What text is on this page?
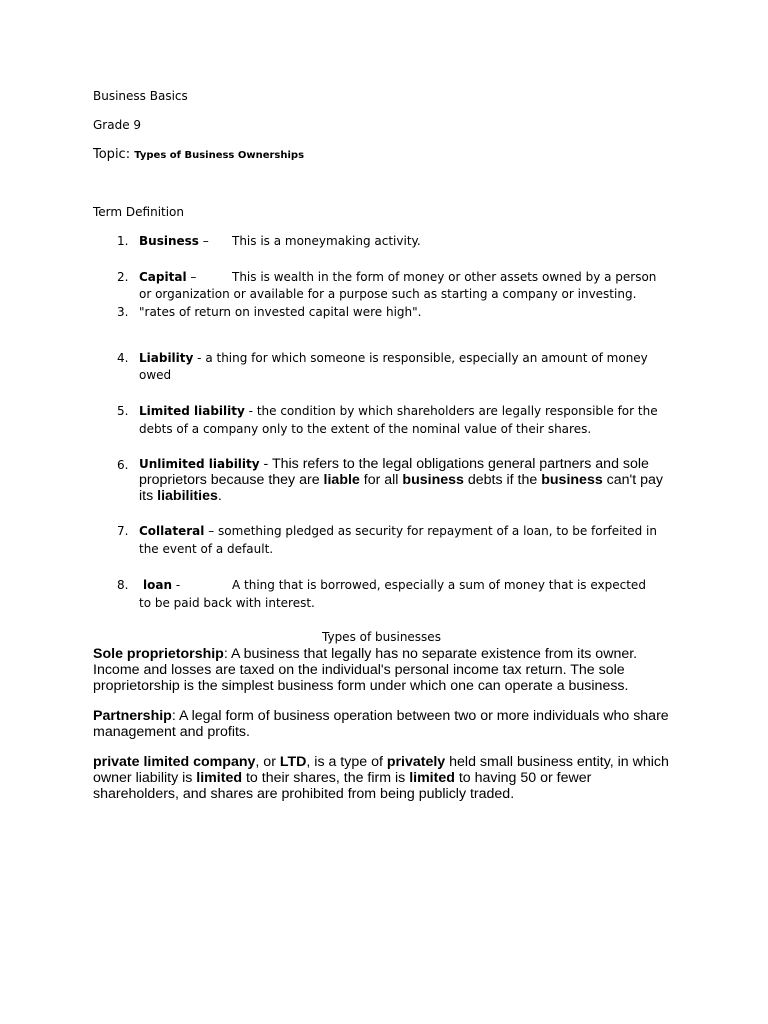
Business Basics
Grade 9
Topic: Types of Business Ownerships
Term Definition
1. Business – This is a moneymaking activity.
2. Capital –	This is wealth in the form of money or other assets owned by a person
or organization or available for a purpose such as starting a company or investing.
3. "rates of return on invested capital were high".
4. Liability - a thing for which someone is responsible, especially an amount of money
owed
5. Limited liability - the condition by which shareholders are legally responsible for the
debts of a company only to the extent of the nominal value of their shares.
6. Unlimited liability - This refers to the legal obligations general partners and sole
proprietors because they are liable for all business debts if the business can't pay
its liabilities.
7. Collateral – something pledged as security for repayment of a loan, to be forfeited in
the event of a default.
8. loan -	A thing that is borrowed, especially a sum of money that is expected
to be paid back with interest.
Types of businesses
Sole proprietorship: A business that legally has no separate existence from its owner.
Income and losses are taxed on the individual's personal income tax return. The sole
proprietorship is the simplest business form under which one can operate a business.
Partnership: A legal form of business operation between two or more individuals who share
management and profits.
private limited company, or LTD, is a type of privately held small business entity, in which
owner liability is limited to their shares, the firm is limited to having 50 or fewer
shareholders, and shares are prohibited from being publicly traded.
